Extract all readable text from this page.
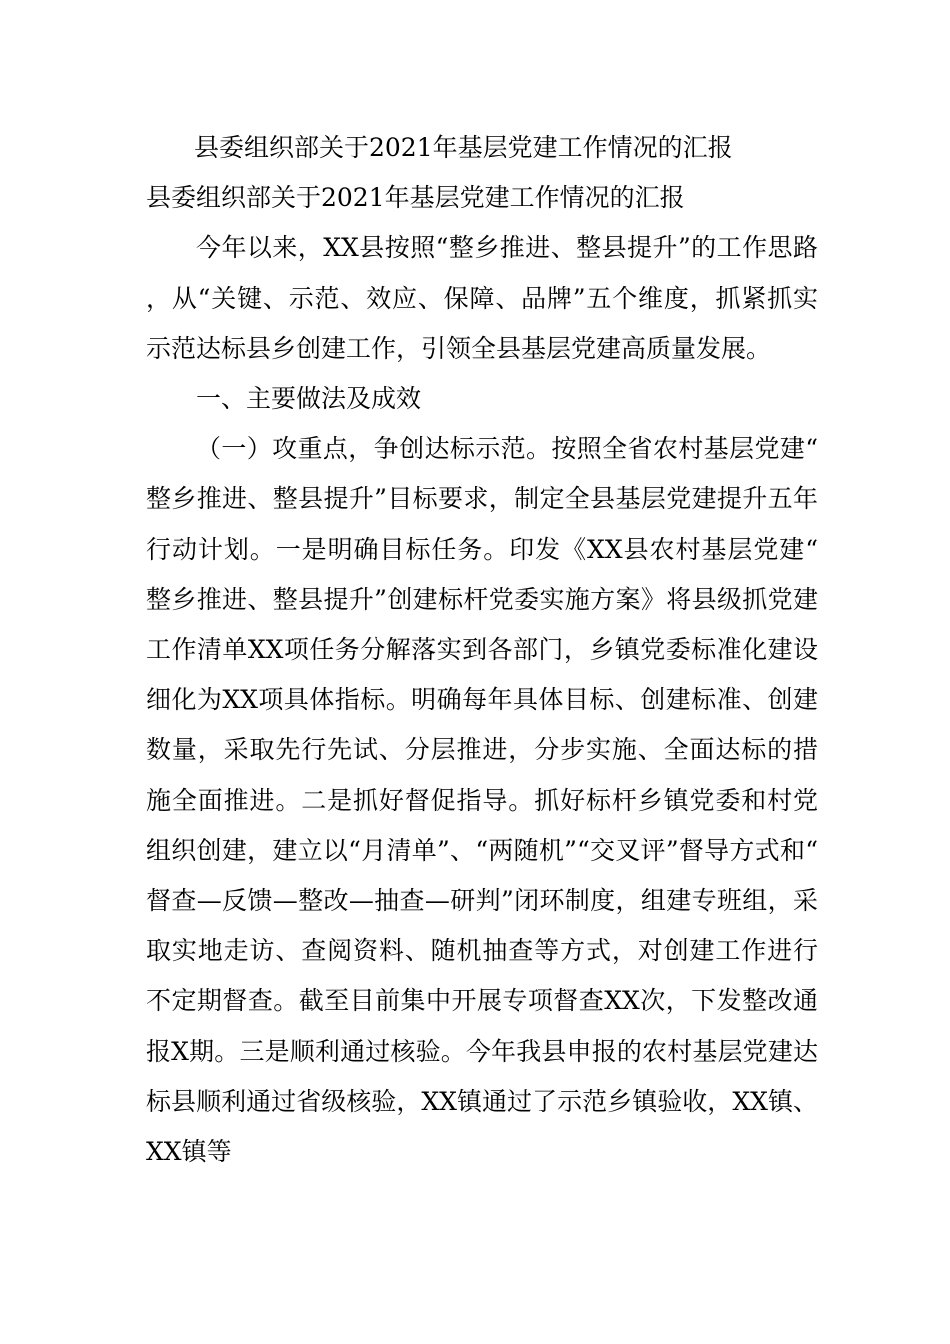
县委组织部关于2021年基层党建工作情况的汇报
县委组织部关于2021年基层党建工作情况的汇报

今年以来，XX县按照“整乡推进、整县提升”的工作思路，从“关键、示范、效应、保障、品牌”五个维度，抓紧抓实示范达标县乡创建工作，引领全县基层党建高质量发展。

一、主要做法及成效

（一）攻重点，争创达标示范。按照全省农村基层党建“整乡推进、整县提升”目标要求，制定全县基层党建提升五年行动计划。一是明确目标任务。印发《XX县农村基层党建“整乡推进、整县提升”创建标杆党委实施方案》将县级抓党建工作清单XX项任务分解落实到各部门，乡镇党委标准化建设细化为XX项具体指标。明确每年具体目标、创建标准、创建数量，采取先行先试、分层推进，分步实施、全面达标的措施全面推进。二是抓好督促指导。抓好标杆乡镇党委和村党组织创建，建立以“月清单”、“两随机”“交叉评”督导方式和“督查—反馈—整改—抽查—研判”闭环制度，组建专班组，采取实地走访、查阅资料、随机抽查等方式，对创建工作进行不定期督查。截至目前集中开展专项督查XX次，下发整改通报X期。三是顺利通过核验。今年我县申报的农村基层党建达标县顺利通过省级核验，XX镇通过了示范乡镇验收，XX镇、XX镇等
